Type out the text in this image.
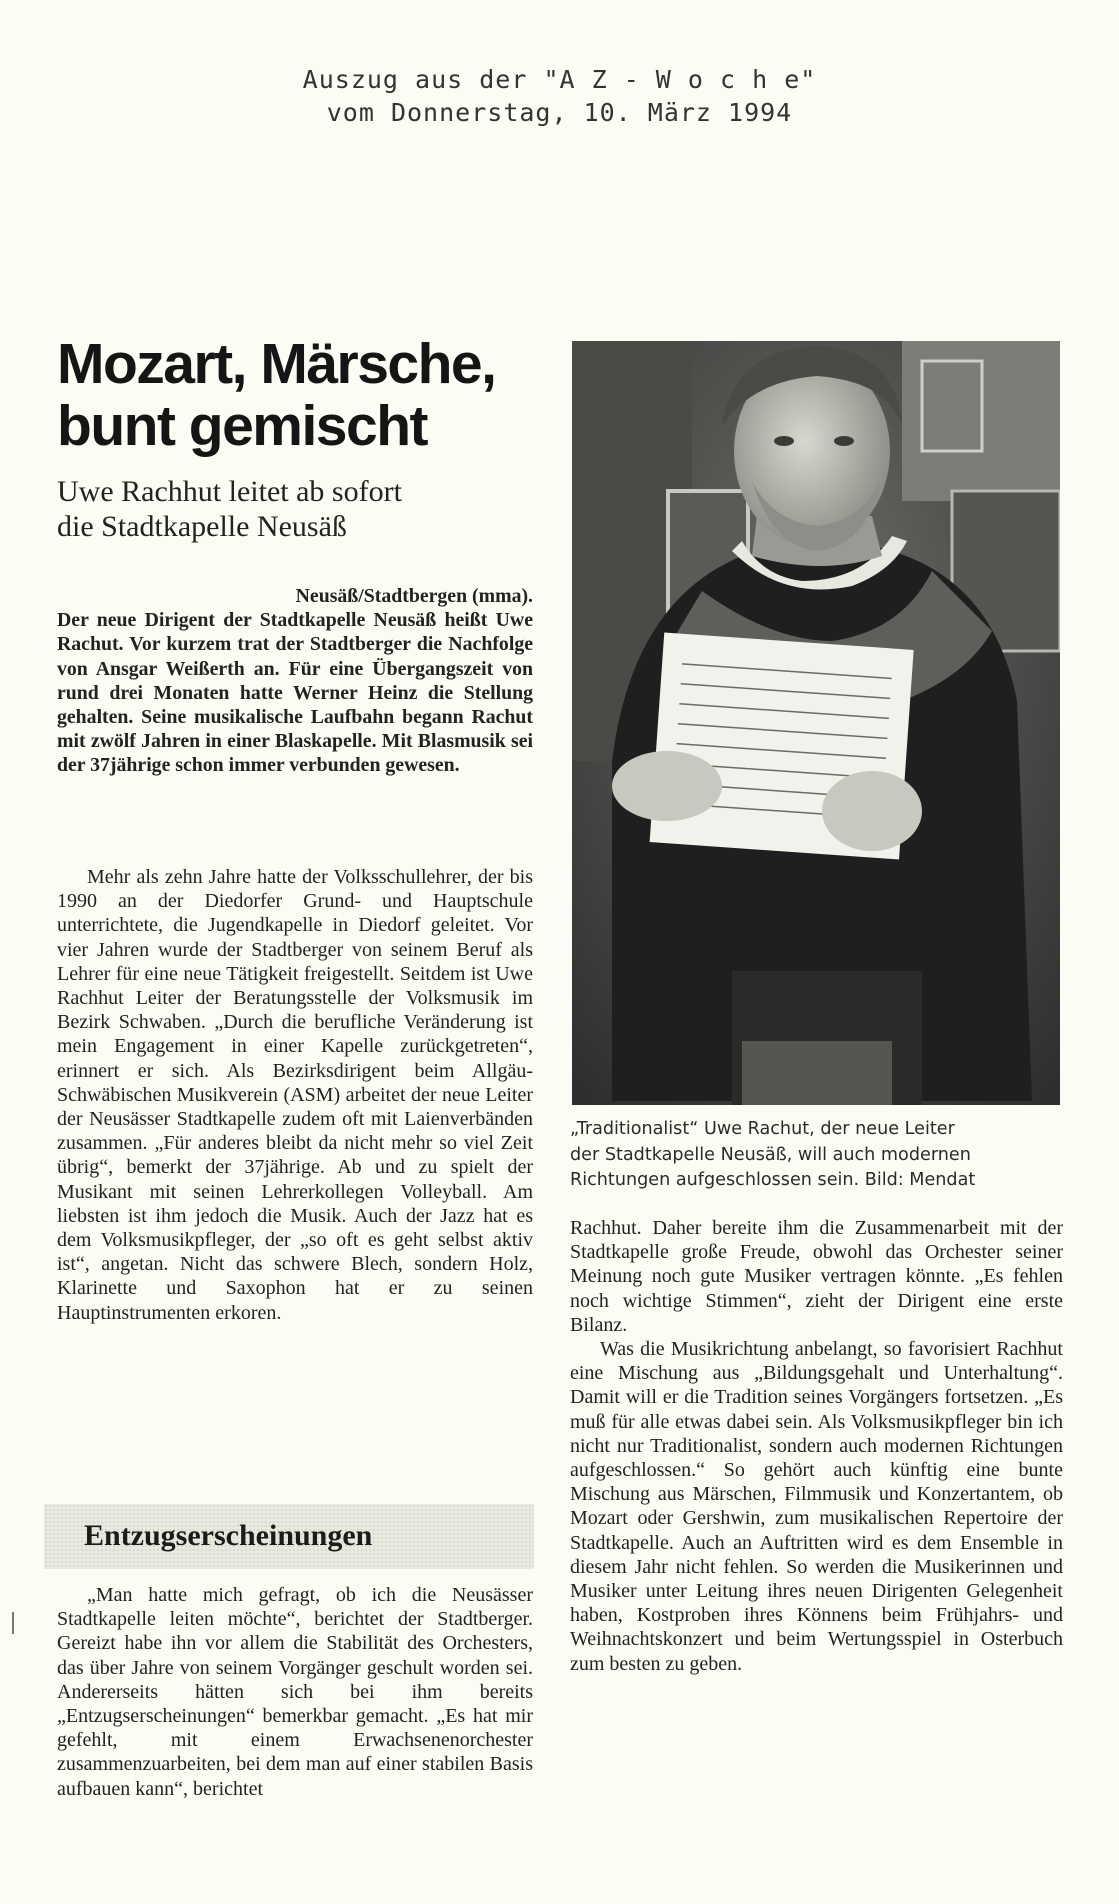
Auszug aus der "A Z - W o c h e"
vom Donnerstag, 10. März 1994
Mozart, Märsche,
bunt gemischt
Uwe Rachhut leitet ab sofort
die Stadtkapelle Neusäß
Neusäß/Stadtbergen (mma).

Der neue Dirigent der Stadtkapelle Neusäß heißt Uwe Rachut. Vor kurzem trat der Stadtberger die Nachfolge von Ansgar Weißerth an. Für eine Übergangszeit von rund drei Monaten hatte Werner Heinz die Stellung gehalten. Seine musikalische Laufbahn begann Rachut mit zwölf Jahren in einer Blaskapelle. Mit Blasmusik sei der 37jährige schon immer verbunden gewesen.

Mehr als zehn Jahre hatte der Volksschullehrer, der bis 1990 an der Diedorfer Grund- und Hauptschule unterrichtete, die Jugendkapelle in Diedorf geleitet. Vor vier Jahren wurde der Stadtberger von seinem Beruf als Lehrer für eine neue Tätigkeit freigestellt. Seitdem ist Uwe Rachhut Leiter der Beratungsstelle der Volksmusik im Bezirk Schwaben. „Durch die berufliche Veränderung ist mein Engagement in einer Kapelle zurückgetreten“, erinnert er sich. Als Bezirksdirigent beim Allgäu-Schwäbischen Musikverein (ASM) arbeitet der neue Leiter der Neusässer Stadtkapelle zudem oft mit Laienverbänden zusammen. „Für anderes bleibt da nicht mehr so viel Zeit übrig“, bemerkt der 37jährige. Ab und zu spielt der Musikant mit seinen Lehrerkollegen Volleyball. Am liebsten ist ihm jedoch die Musik. Auch der Jazz hat es dem Volksmusikpfleger, der „so oft es geht selbst aktiv ist“, angetan. Nicht das schwere Blech, sondern Holz, Klarinette und Saxophon hat er zu seinen Hauptinstrumenten erkoren.

Entzugserscheinungen

„Man hatte mich gefragt, ob ich die Neusässer Stadtkapelle leiten möchte“, berichtet der Stadtberger. Gereizt habe ihn vor allem die Stabilität des Orchesters, das über Jahre von seinem Vorgänger geschult worden sei. Andererseits hätten sich bei ihm bereits „Entzugserscheinungen“ bemerkbar gemacht. „Es hat mir gefehlt, mit einem Erwachsenenorchester zusammenzuarbeiten, bei dem man auf einer stabilen Basis aufbauen kann“, berichtet

„Traditionalist“ Uwe Rachut, der neue Leiter
der Stadtkapelle Neusäß, will auch modernen
Richtungen aufgeschlossen sein. Bild: Mendat

Rachhut. Daher bereite ihm die Zusammenarbeit mit der Stadtkapelle große Freude, obwohl das Orchester seiner Meinung noch gute Musiker vertragen könnte. „Es fehlen noch wichtige Stimmen“, zieht der Dirigent eine erste Bilanz.

Was die Musikrichtung anbelangt, so favorisiert Rachhut eine Mischung aus „Bildungsgehalt und Unterhaltung“. Damit will er die Tradition seines Vorgängers fortsetzen. „Es muß für alle etwas dabei sein. Als Volksmusikpfleger bin ich nicht nur Traditionalist, sondern auch modernen Richtungen aufgeschlossen.“ So gehört auch künftig eine bunte Mischung aus Märschen, Filmmusik und Konzertantem, ob Mozart oder Gershwin, zum musikalischen Repertoire der Stadtkapelle. Auch an Auftritten wird es dem Ensemble in diesem Jahr nicht fehlen. So werden die Musikerinnen und Musiker unter Leitung ihres neuen Dirigenten Gelegenheit haben, Kostproben ihres Könnens beim Frühjahrs- und Weihnachtskonzert und beim Wertungsspiel in Osterbuch zum besten zu geben.
